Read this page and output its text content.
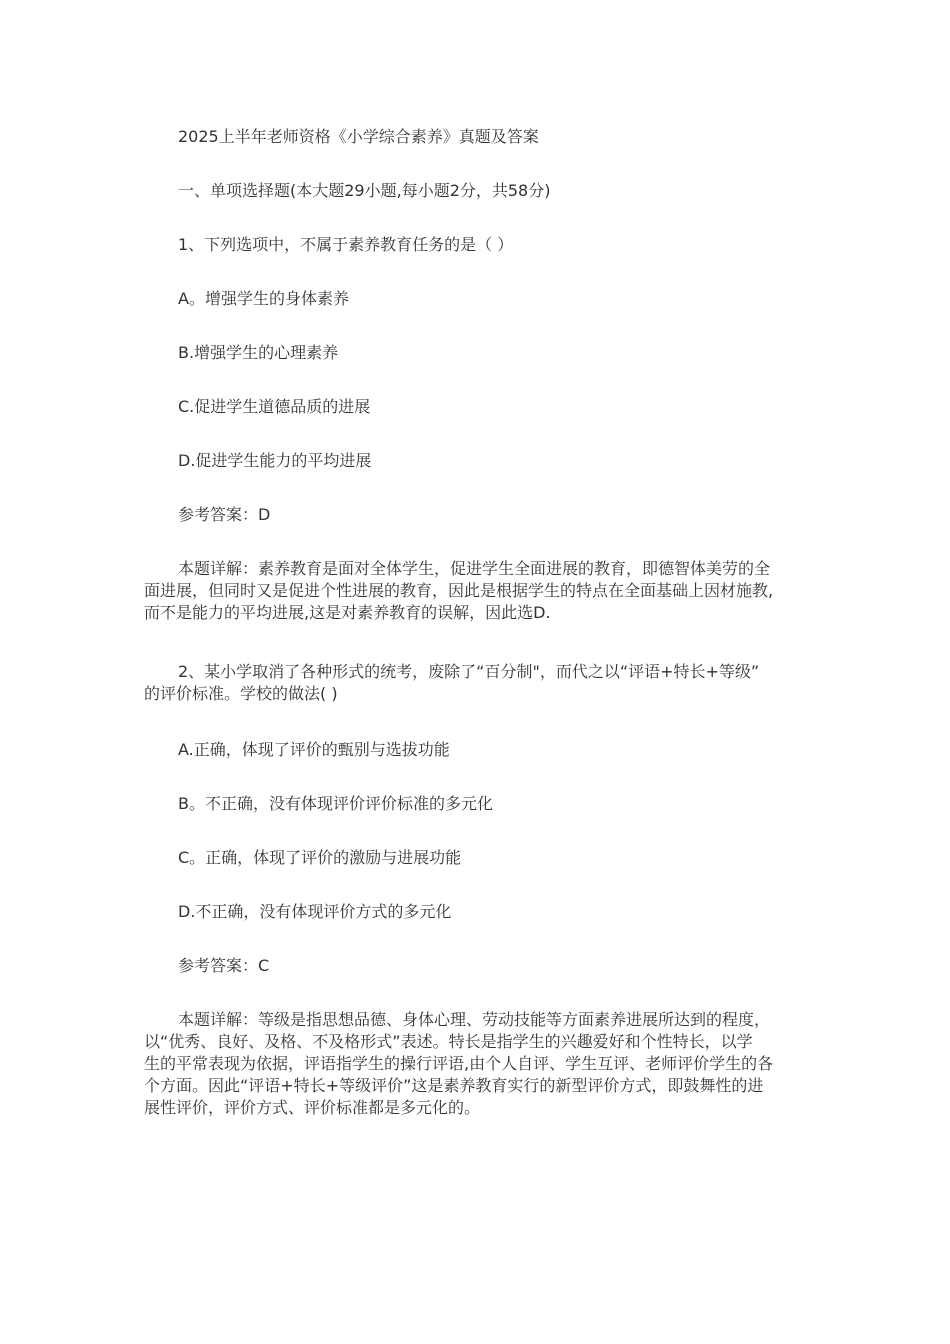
2025上半年老师资格《小学综合素养》真题及答案
一、单项选择题(本大题29小题,每小题2分，共58分)
1、下列选项中，不属于素养教育任务的是（ ）
A。增强学生的身体素养
B.增强学生的心理素养
C.促进学生道德品质的进展
D.促进学生能力的平均进展
参考答案：D
本题详解：素养教育是面对全体学生，促进学生全面进展的教育，即德智体美劳的全
面进展，但同时又是促进个性进展的教育，因此是根据学生的特点在全面基础上因材施教,
而不是能力的平均进展,这是对素养教育的误解，因此选D.
2、某小学取消了各种形式的统考，废除了“百分制"，而代之以“评语+特长+等级”
的评价标准。学校的做法( )
A.正确，体现了评价的甄别与选拔功能
B。不正确，没有体现评价评价标准的多元化
C。正确，体现了评价的激励与进展功能
D.不正确，没有体现评价方式的多元化
参考答案：C
本题详解：等级是指思想品德、身体心理、劳动技能等方面素养进展所达到的程度，
以“优秀、良好、及格、不及格形式”表述。特长是指学生的兴趣爱好和个性特长，以学
生的平常表现为依据，评语指学生的操行评语,由个人自评、学生互评、老师评价学生的各
个方面。因此“评语+特长+等级评价”这是素养教育实行的新型评价方式，即鼓舞性的进
展性评价，评价方式、评价标准都是多元化的。
